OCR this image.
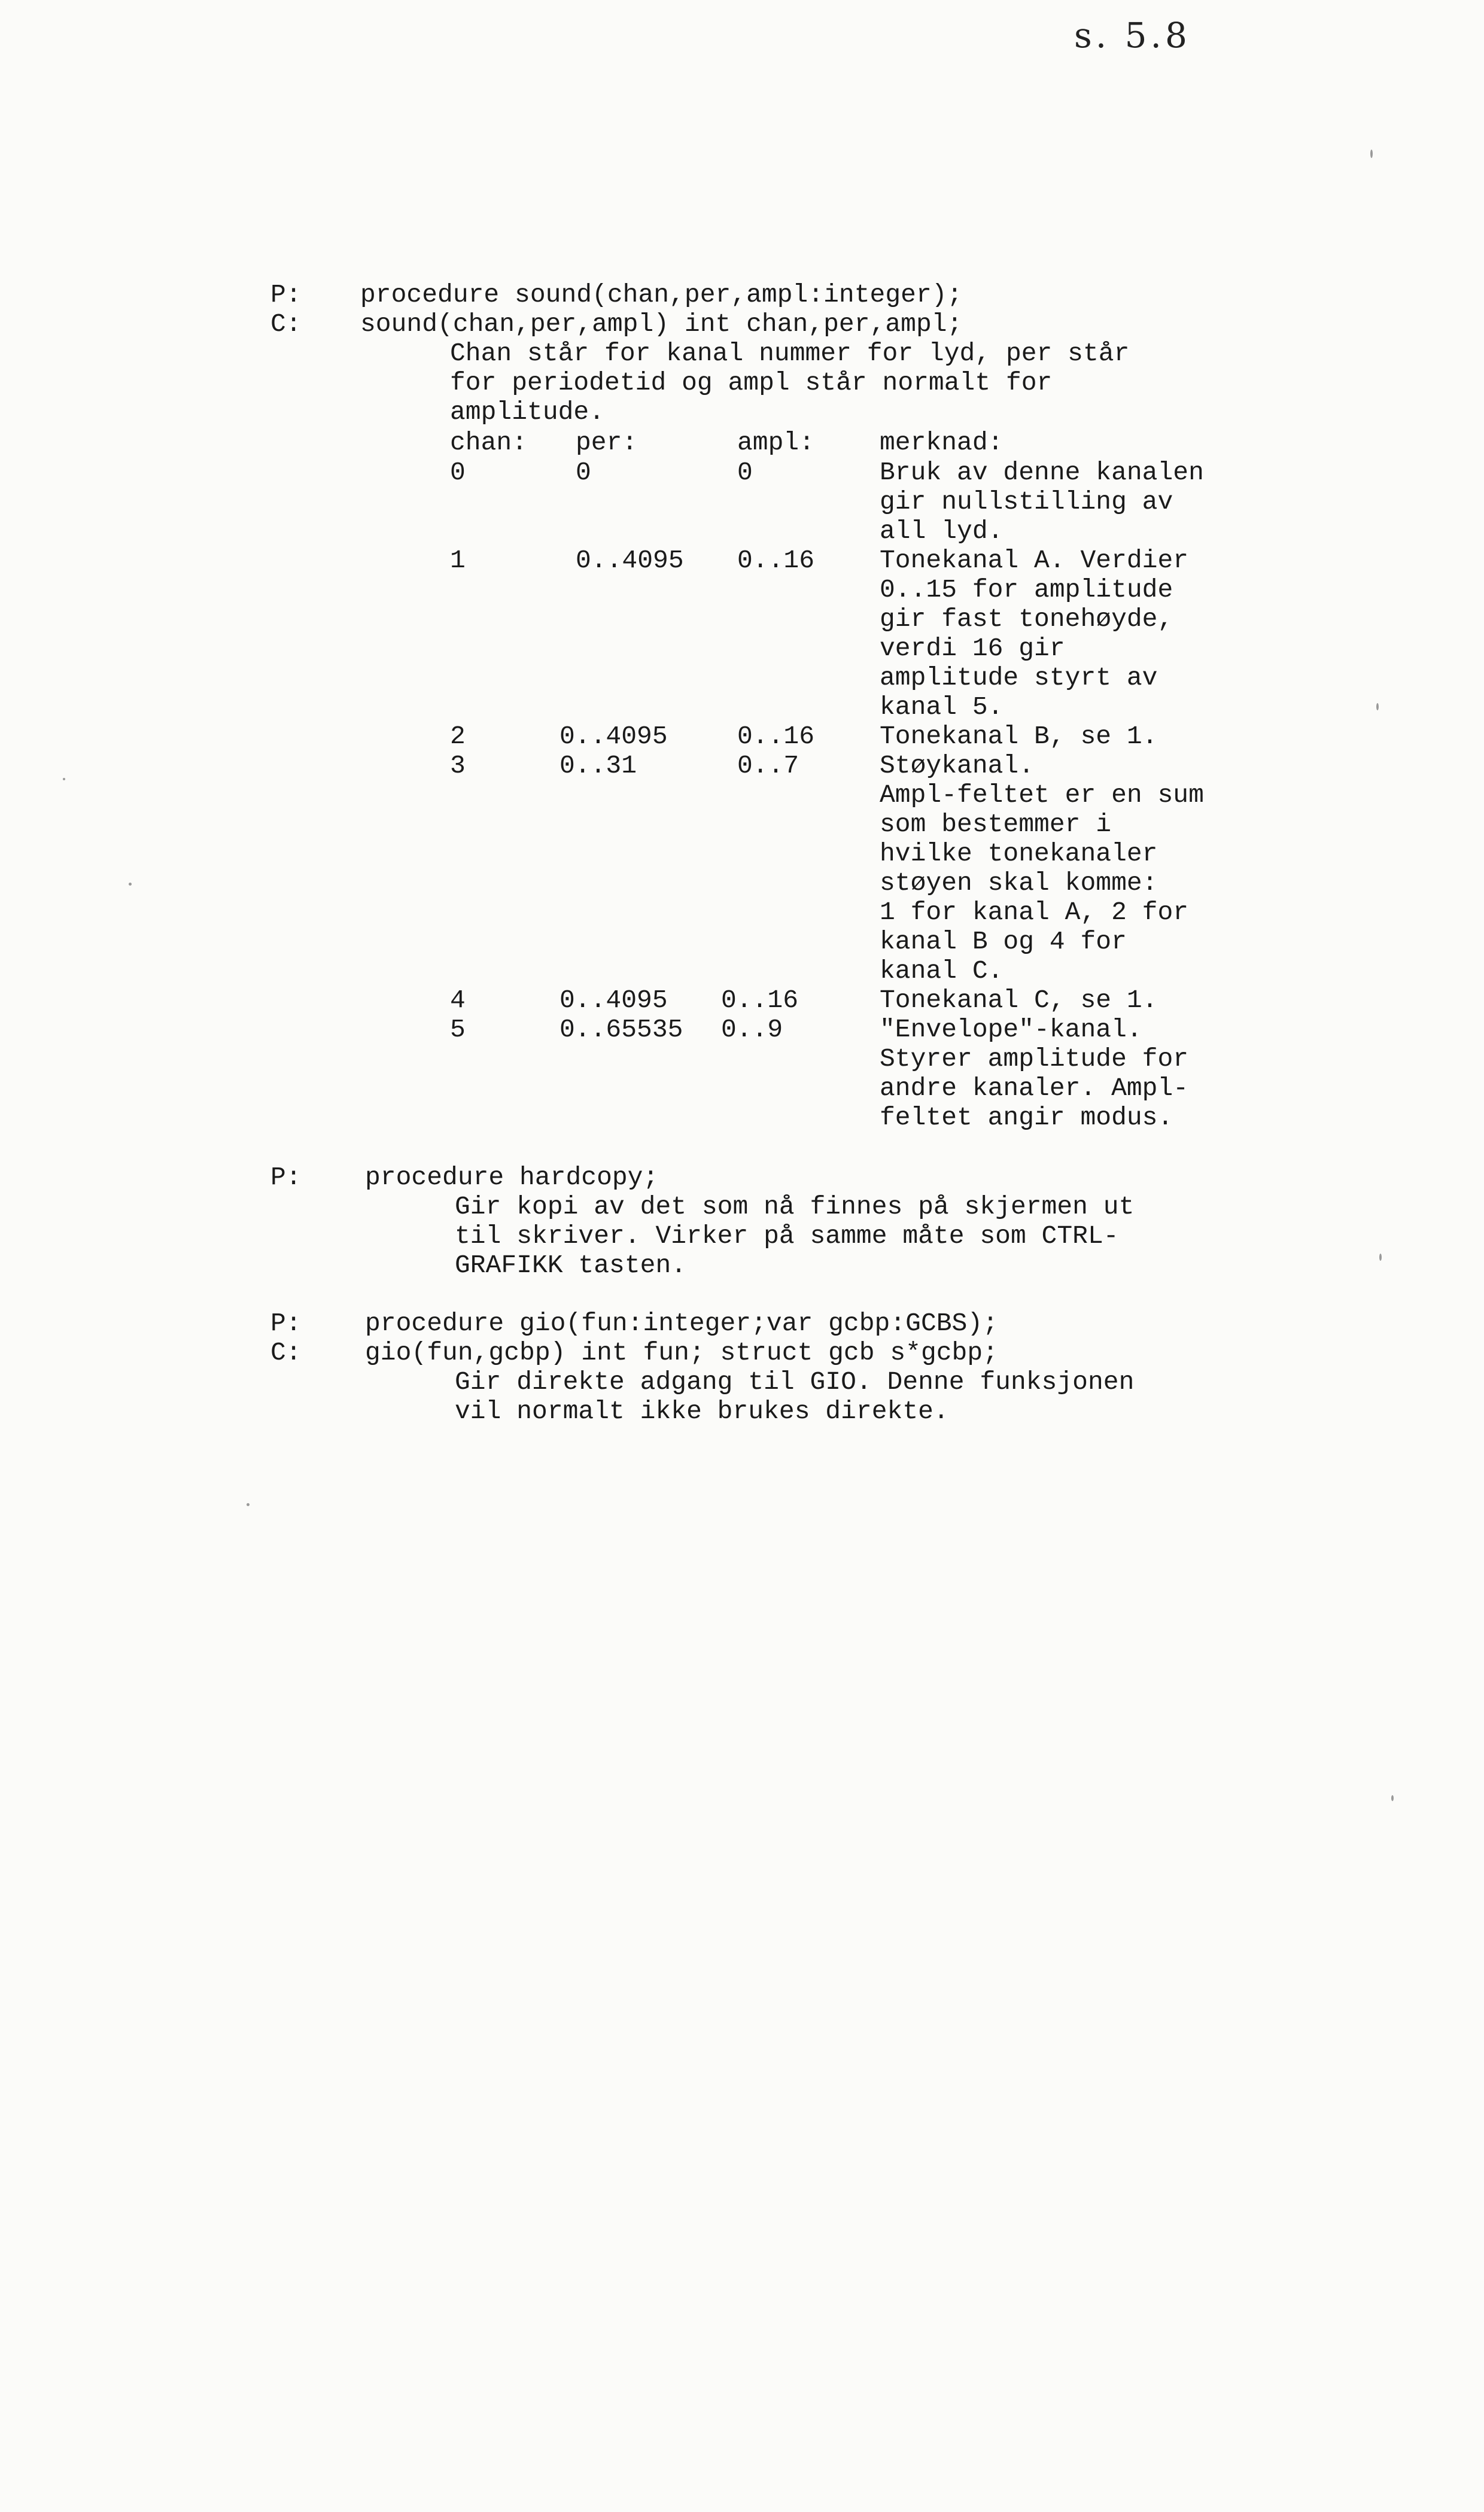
s. 5.8
P: procedure sound(chan,per,ampl:integer);
C: sound(chan,per,ampl) int chan,per,ampl;
Chan står for kanal nummer for lyd, per står
for periodetid og ampl står normalt for
amplitude.
chan: per:	ampl:	merknad:
0	0	0	Bruk av denne kanalen
gir nullstilling av
all lyd.
1	0..4095 0..16	Tonekanal A. Verdier
0..15 for amplitude
gir fast tonehøyde,
verdi 16 gir
amplitude styrt av
kanal 5.
2	0..4095	0..16	Tonekanal B, se 1.
3	0..31	0..7	Støykanal.
Ampl-feltet er en sum
som bestemmer i
hvilke tonekanaler
støyen skal komme:
1 for kanal A, 2 for
kanal B og 4 for
kanal C.
4	0..4095 0..16	Tonekanal C, se 1.
5	0..65535 0..9	"Envelope"-kanal.
Styrer amplitude for
andre kanaler. Ampl-
feltet angir modus.
P: procedure hardcopy;
Gir kopi av det som nå finnes på skjermen ut
til skriver. Virker på samme måte som CTRL-
GRAFIKK tasten.
P: procedure gio(fun:integer;var gcbp:GCBS);
C: gio(fun,gcbp) int fun; struct gcb s*gcbp;
Gir direkte adgang til GIO. Denne funksjonen
vil normalt ikke brukes direkte.
